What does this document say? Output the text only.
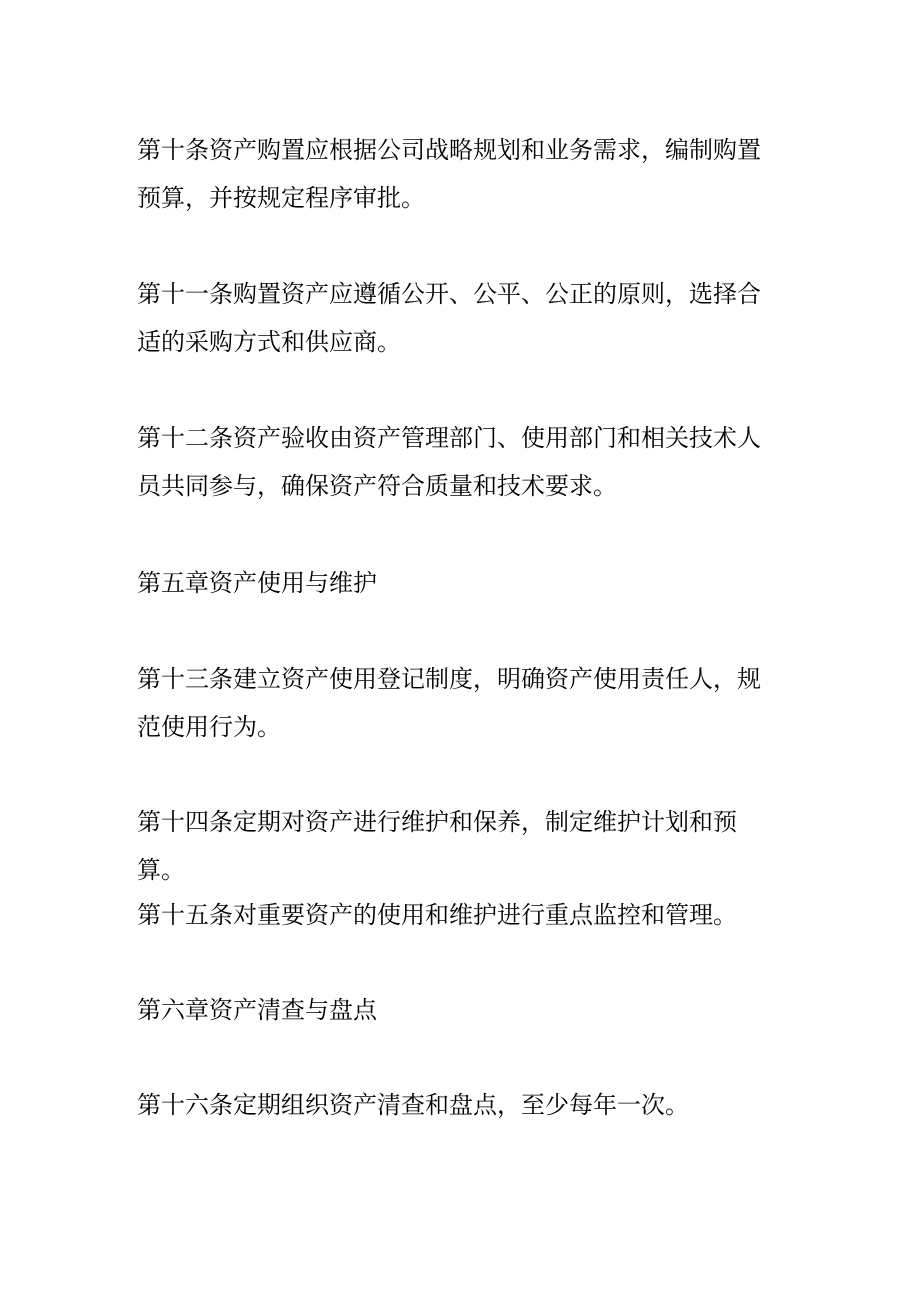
第十条资产购置应根据公司战略规划和业务需求，编制购置预算，并按规定程序审批。

第十一条购置资产应遵循公开、公平、公正的原则，选择合适的采购方式和供应商。

第十二条资产验收由资产管理部门、使用部门和相关技术人员共同参与，确保资产符合质量和技术要求。

第五章资产使用与维护

第十三条建立资产使用登记制度，明确资产使用责任人，规范使用行为。

第十四条定期对资产进行维护和保养，制定维护计划和预算。

第十五条对重要资产的使用和维护进行重点监控和管理。

第六章资产清查与盘点

第十六条定期组织资产清查和盘点，至少每年一次。
